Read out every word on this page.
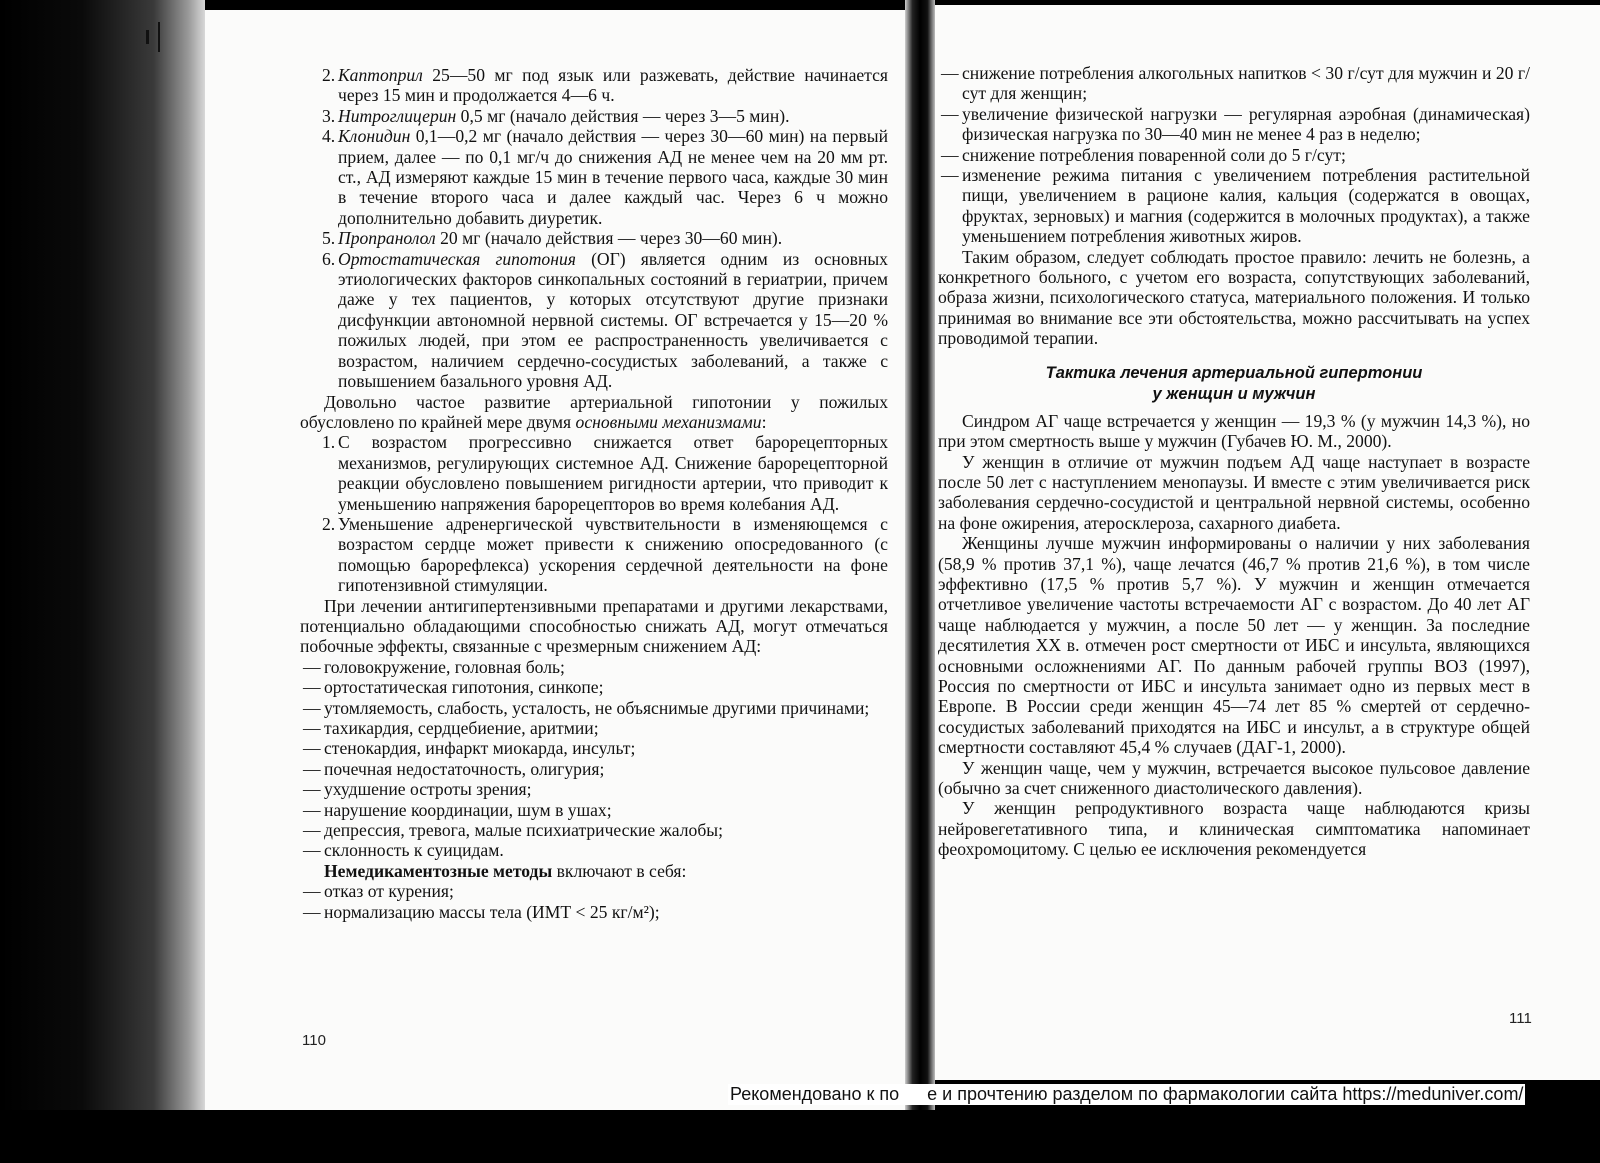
2. Каптоприл 25—50 мг под язык или разжевать, действие начинается через 15 мин и продолжается 4—6 ч.
3. Нитроглицерин 0,5 мг (начало действия — через 3—5 мин).
4. Клонидин 0,1—0,2 мг (начало действия — через 30—60 мин) на первый прием, далее — по 0,1 мг/ч до снижения АД не менее чем на 20 мм рт. ст., АД измеряют каждые 15 мин в течение первого часа, каждые 30 мин в течение второго часа и далее каждый час. Через 6 ч можно дополнительно добавить диуретик.
5. Пропранолол 20 мг (начало действия — через 30—60 мин).
6. Ортостатическая гипотония (ОГ) является одним из основных этиологических факторов синкопальных состояний в гериатрии, причем даже у тех пациентов, у которых отсутствуют другие признаки дисфункции автономной нервной системы. ОГ встречается у 15—20 % пожилых людей, при этом ее распространенность увеличивается с возрастом, наличием сердечно-сосудистых заболеваний, а также с повышением базального уровня АД.

Довольно частое развитие артериальной гипотонии у пожилых обусловлено по крайней мере двумя основными механизмами:

1. С возрастом прогрессивно снижается ответ барорецепторных механизмов, регулирующих системное АД. Снижение барорецепторной реакции обусловлено повышением ригидности артерии, что приводит к уменьшению напряжения барорецепторов во время колебания АД.
2. Уменьшение адренергической чувствительности в изменяющемся с возрастом сердце может привести к снижению опосредованного (с помощью барорефлекса) ускорения сердечной деятельности на фоне гипотензивной стимуляции.

При лечении антигипертензивными препаратами и другими лекарствами, потенциально обладающими способностью снижать АД, могут отмечаться побочные эффекты, связанные с чрезмерным снижением АД:

— головокружение, головная боль;
— ортостатическая гипотония, синкопе;
— утомляемость, слабость, усталость, не объяснимые другими причинами;
— тахикардия, сердцебиение, аритмии;
— стенокардия, инфаркт миокарда, инсульт;
— почечная недостаточность, олигурия;
— ухудшение остроты зрения;
— нарушение координации, шум в ушах;
— депрессия, тревога, малые психиатрические жалобы;
— склонность к суицидам.

Немедикаментозные методы включают в себя:

— отказ от курения;
— нормализацию массы тела (ИМТ < 25 кг/м²);
110
— снижение потребления алкогольных напитков < 30 г/сут для мужчин и 20 г/сут для женщин;
— увеличение физической нагрузки — регулярная аэробная (динамическая) физическая нагрузка по 30—40 мин не менее 4 раз в неделю;
— снижение потребления поваренной соли до 5 г/сут;
— изменение режима питания с увеличением потребления растительной пищи, увеличением в рационе калия, кальция (содержатся в овощах, фруктах, зерновых) и магния (содержится в молочных продуктах), а также уменьшением потребления животных жиров.

Таким образом, следует соблюдать простое правило: лечить не болезнь, а конкретного больного, с учетом его возраста, сопутствующих заболеваний, образа жизни, психологического статуса, материального положения. И только принимая во внимание все эти обстоятельства, можно рассчитывать на успех проводимой терапии.

Тактика лечения артериальной гипертонии
у женщин и мужчин

Синдром АГ чаще встречается у женщин — 19,3 % (у мужчин 14,3 %), но при этом смертность выше у мужчин (Губачев Ю. М., 2000).

У женщин в отличие от мужчин подъем АД чаще наступает в возрасте после 50 лет с наступлением менопаузы. И вместе с этим увеличивается риск заболевания сердечно-сосудистой и центральной нервной системы, особенно на фоне ожирения, атеросклероза, сахарного диабета.

Женщины лучше мужчин информированы о наличии у них заболевания (58,9 % против 37,1 %), чаще лечатся (46,7 % против 21,6 %), в том числе эффективно (17,5 % против 5,7 %). У мужчин и женщин отмечается отчетливое увеличение частоты встречаемости АГ с возрастом. До 40 лет АГ чаще наблюдается у мужчин, а после 50 лет — у женщин. За последние десятилетия XX в. отмечен рост смертности от ИБС и инсульта, являющихся основными осложнениями АГ. По данным рабочей группы ВОЗ (1997), Россия по смертности от ИБС и инсульта занимает одно из первых мест в Европе. В России среди женщин 45—74 лет 85 % смертей от сердечно-сосудистых заболеваний приходятся на ИБС и инсульт, а в структуре общей смертности составляют 45,4 % случаев (ДАГ-1, 2000).

У женщин чаще, чем у мужчин, встречается высокое пульсовое давление (обычно за счет сниженного диастолического давления).

У женщин репродуктивного возраста чаще наблюдаются кризы нейровегетативного типа, и клиническая симптоматика напоминает феохромоцитому. С целью ее исключения рекомендуется

111
Рекомендовано к по е и прочтению разделом по фармакологии сайта https://meduniver.com/
